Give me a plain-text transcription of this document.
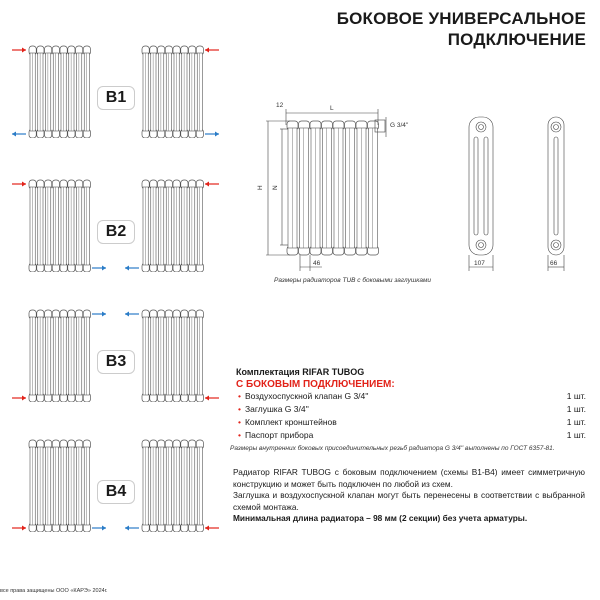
БОКОВОЕ УНИВЕРСАЛЬНОЕ
ПОДКЛЮЧЕНИЕ
B1
B2
B3
B4
12	L
G 3/4''
H N
46	107	66
Размеры радиаторов TUB с боковыми заглушками
Комплектация RIFAR TUBOG
С БОКОВЫМ ПОДКЛЮЧЕНИЕМ:
• Воздухоспускной клапан G 3/4''	1 шт.
• Заглушка G 3/4''	1 шт.
• Комплект кронштейнов	1 шт.
• Паспорт прибора	1 шт.
Размеры внутренних боковых присоединительных резьб радиатора G 3/4'' выполнены по ГОСТ 6357-81.

Радиатор RIFAR TUBOG с боковым подключением (схемы B1-B4) имеет симметричную конструкцию и может быть подключен по любой из схем.

Заглушка и воздухоспускной клапан могут быть перенесены в соответствии с выбранной схемой монтажа.

Минимальная длина радиатора – 98 мм (2 секции) без учета арматуры.

все права защищены ООО «КАРЭ» 2024г.
